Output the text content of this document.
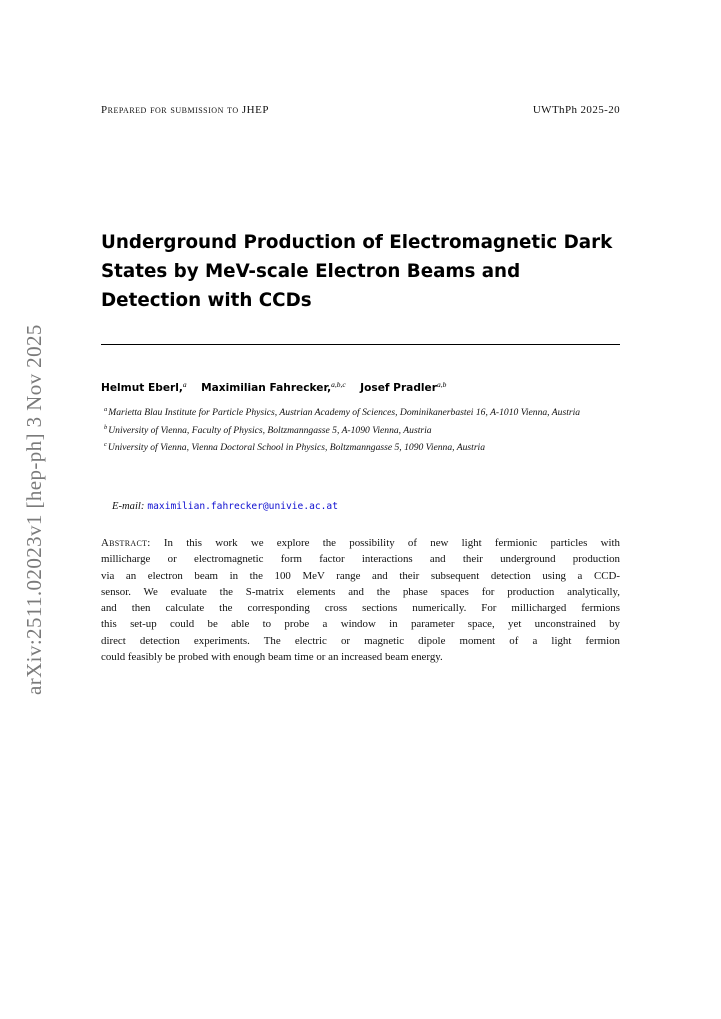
Prepared for submission to JHEP	UWThPh 2025-20
arXiv:2511.02023v1 [hep-ph] 3 Nov 2025
Underground Production of Electromagnetic Dark States by MeV-scale Electron Beams and Detection with CCDs
Helmut Eberl,$^a$ Maximilian Fahrecker,$^{a,b,c}$ Josef Pradler$^{a,b}$

$^a$Marietta Blau Institute for Particle Physics, Austrian Academy of Sciences, Dominikanerbastei 16, A-1010 Vienna, Austria

$^b$University of Vienna, Faculty of Physics, Boltzmanngasse 5, A-1090 Vienna, Austria

$^c$University of Vienna, Vienna Doctoral School in Physics, Boltzmanngasse 5, 1090 Vienna, Austria

E-mail: maximilian.fahrecker@univie.ac.at
Abstract: In this work we explore the possibility of new light fermionic particles with
millicharge or electromagnetic form factor interactions and their underground production
via an electron beam in the 100 MeV range and their subsequent detection using a CCD-
sensor. We evaluate the S-matrix elements and the phase spaces for production analytically,
and then calculate the corresponding cross sections numerically. For millicharged fermions
this set-up could be able to probe a window in parameter space, yet unconstrained by
direct detection experiments. The electric or magnetic dipole moment of a light fermion
could feasibly be probed with enough beam time or an increased beam energy.
